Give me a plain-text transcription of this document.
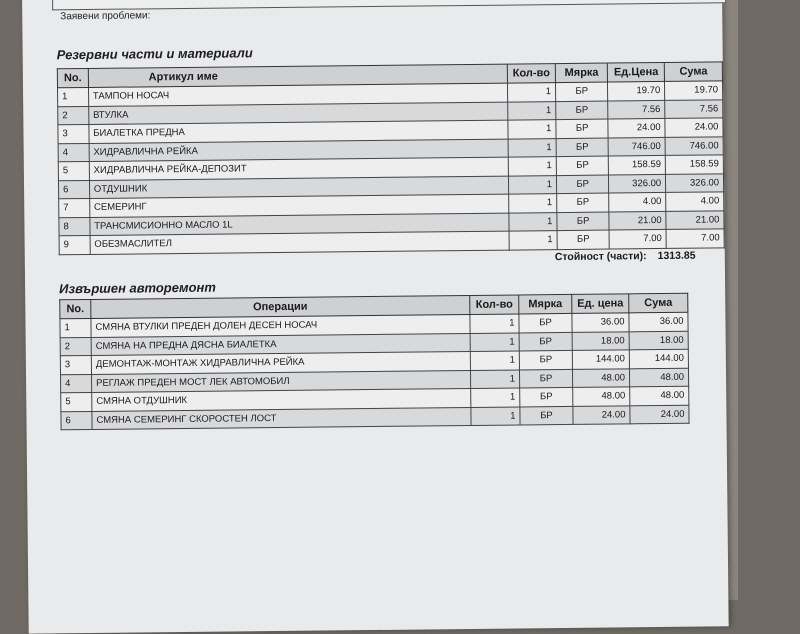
Заявени проблеми:
Резервни части и материали
No.	Артикул име	Кол-во	Мярка	Ед.Цена	Сума
1	ТАМПОН НОСАЧ	1	БР	19.70	19.70
2	ВТУЛКА	1	БР	7.56	7.56
3	БИАЛЕТКА ПРЕДНА	1	БР	24.00	24.00
4	ХИДРАВЛИЧНА РЕЙКА	1	БР	746.00	746.00
5	ХИДРАВЛИЧНА РЕЙКА-ДЕПОЗИТ	1	БР	158.59	158.59
6	ОТДУШНИК	1	БР	326.00	326.00
7	СЕМЕРИНГ	1	БР	4.00	4.00
8	ТРАНСМИСИОННО МАСЛО 1L	1	БР	21.00	21.00
9	ОБЕЗМАСЛИТЕЛ	1	БР	7.00	7.00
Стойност (части): 1313.85
Извършен авторемонт
No.	Операции	Кол-во	Мярка	Ед. цена	Сума
1	СМЯНА ВТУЛКИ ПРЕДЕН ДОЛЕН ДЕСЕН НОСАЧ	1	БР	36.00	36.00
2	СМЯНА НА ПРЕДНА ДЯСНА БИАЛЕТКА	1	БР	18.00	18.00
3	ДЕМОНТАЖ-МОНТАЖ ХИДРАВЛИЧНА РЕЙКА	1	БР	144.00	144.00
4	РЕГЛАЖ ПРЕДЕН МОСТ ЛЕК АВТОМОБИЛ	1	БР	48.00	48.00
5	СМЯНА ОТДУШНИК	1	БР	48.00	48.00
6	СМЯНА СЕМЕРИНГ СКОРОСТЕН ЛОСТ	1	БР	24.00	24.00
